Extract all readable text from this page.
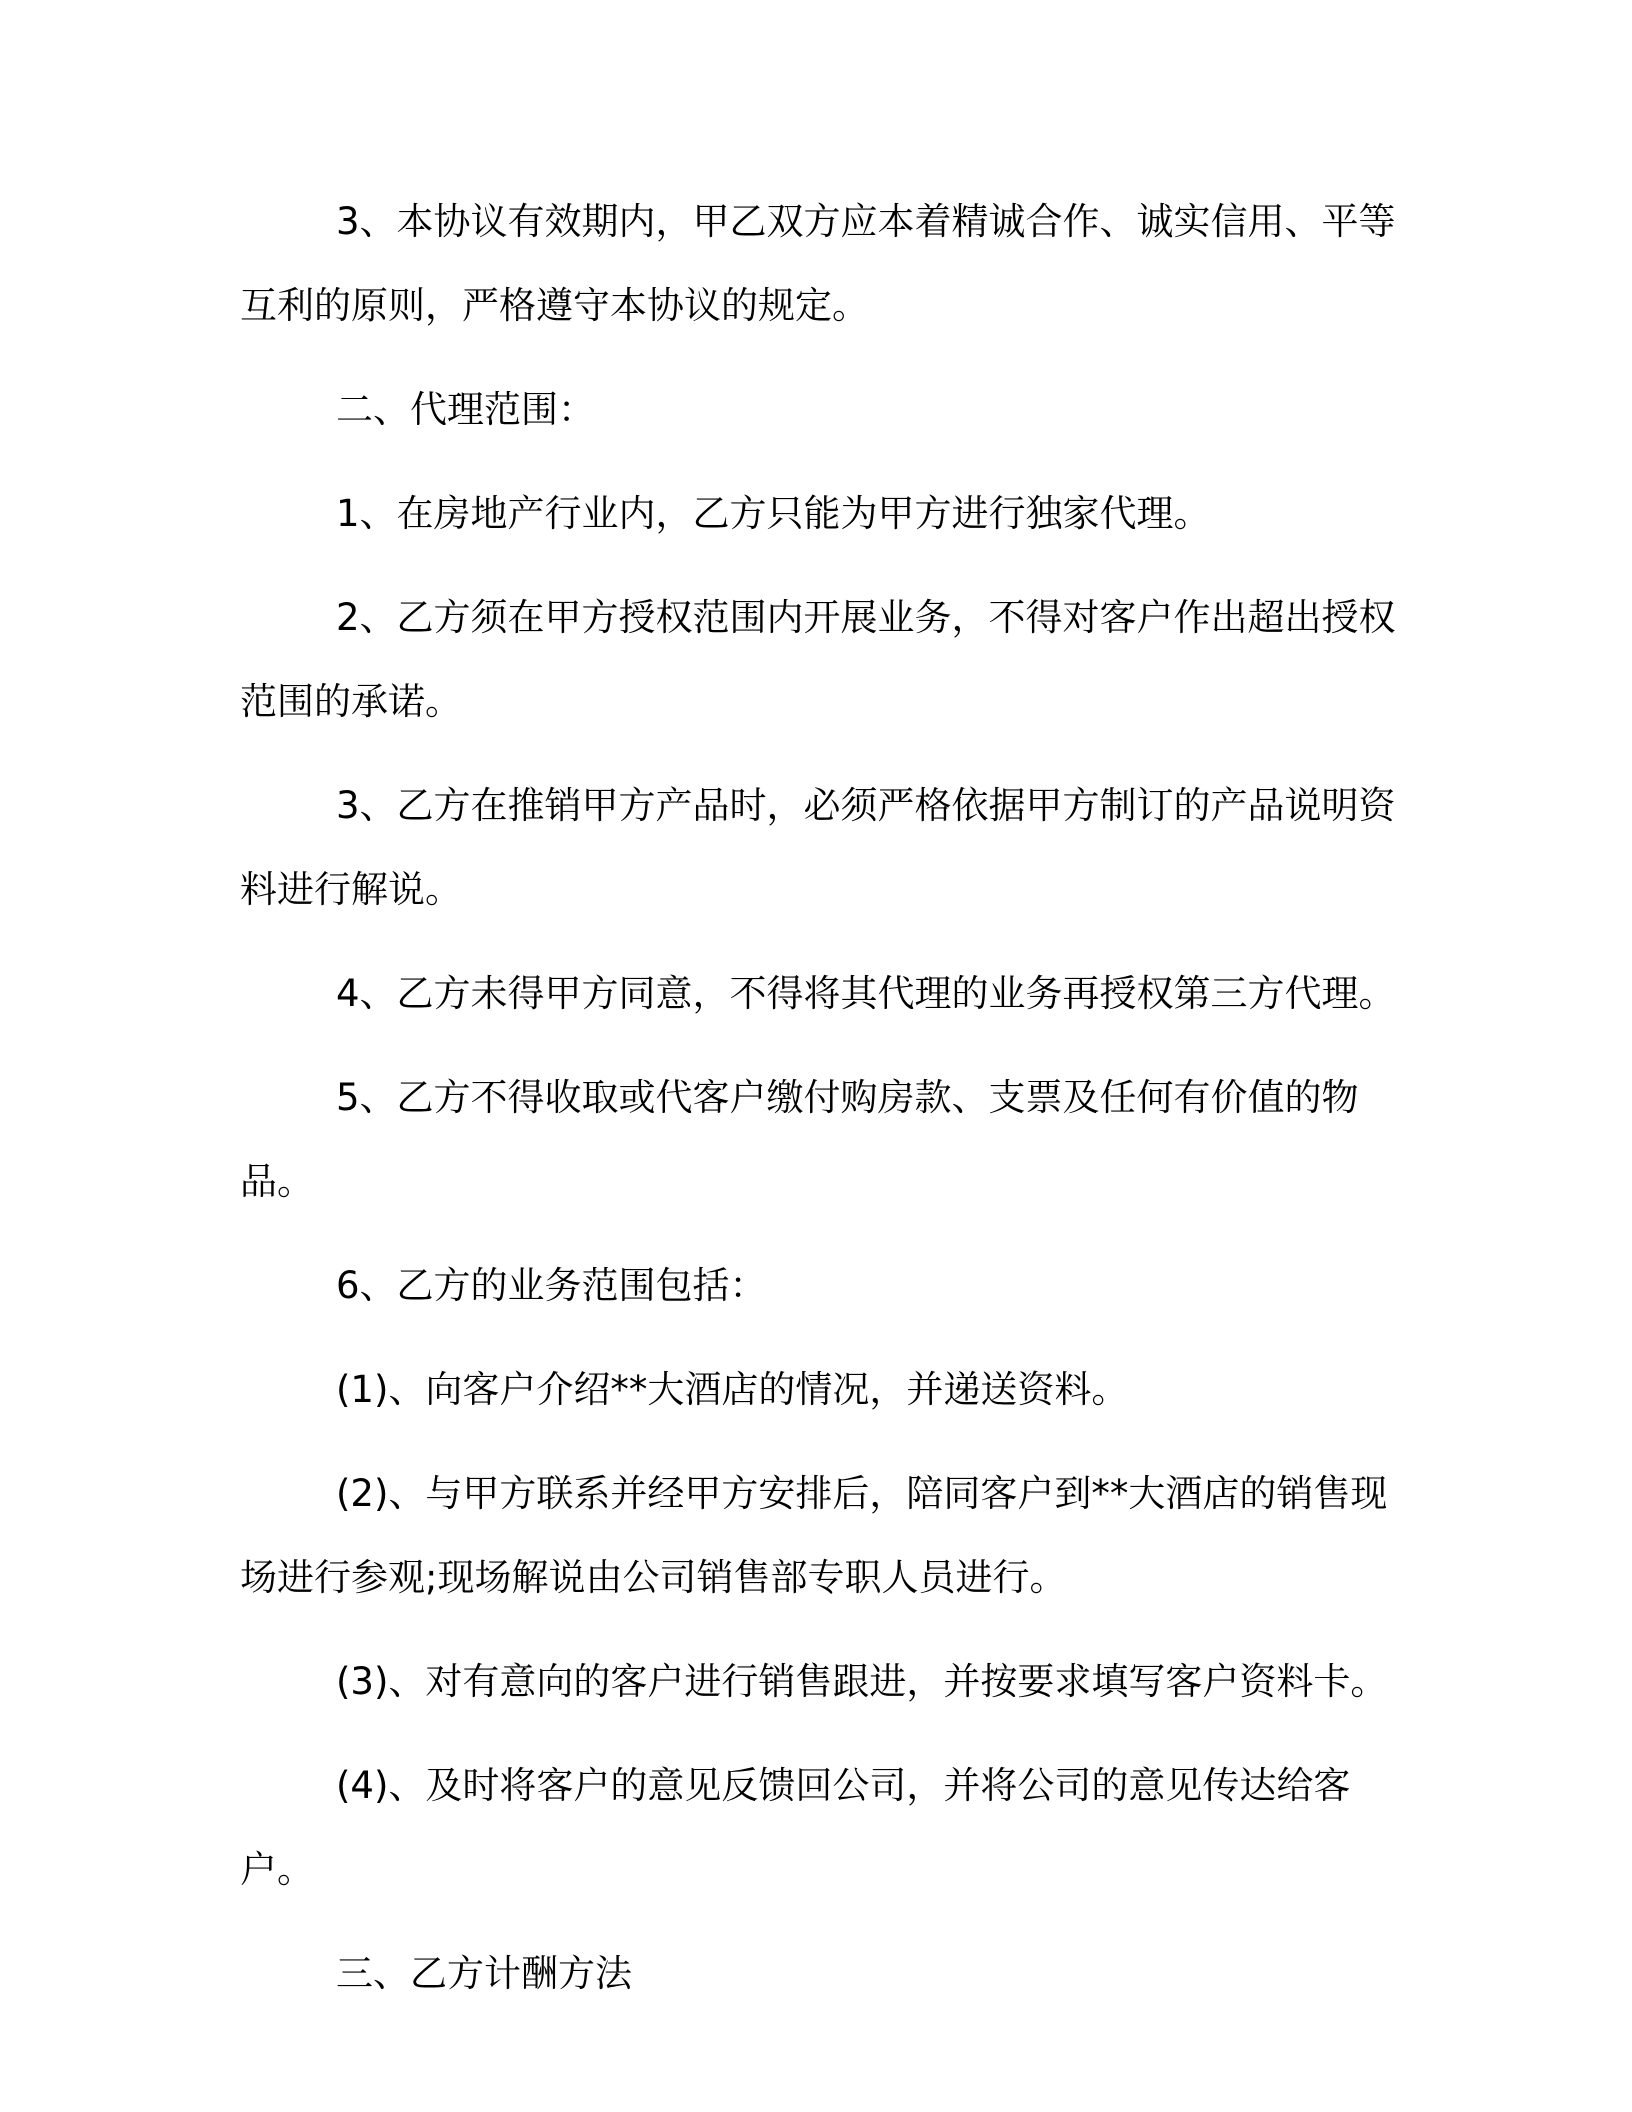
3、本协议有效期内，甲乙双方应本着精诚合作、诚实信用、平等互利的原则，严格遵守本协议的规定。

二、代理范围：

1、在房地产行业内，乙方只能为甲方进行独家代理。

2、乙方须在甲方授权范围内开展业务，不得对客户作出超出授权范围的承诺。

3、乙方在推销甲方产品时，必须严格依据甲方制订的产品说明资料进行解说。

4、乙方未得甲方同意，不得将其代理的业务再授权第三方代理。

5、乙方不得收取或代客户缴付购房款、支票及任何有价值的物品。

6、乙方的业务范围包括：

(1)、向客户介绍**大酒店的情况，并递送资料。

(2)、与甲方联系并经甲方安排后，陪同客户到**大酒店的销售现场进行参观;现场解说由公司销售部专职人员进行。

(3)、对有意向的客户进行销售跟进，并按要求填写客户资料卡。

(4)、及时将客户的意见反馈回公司，并将公司的意见传达给客户。

三、乙方计酬方法
